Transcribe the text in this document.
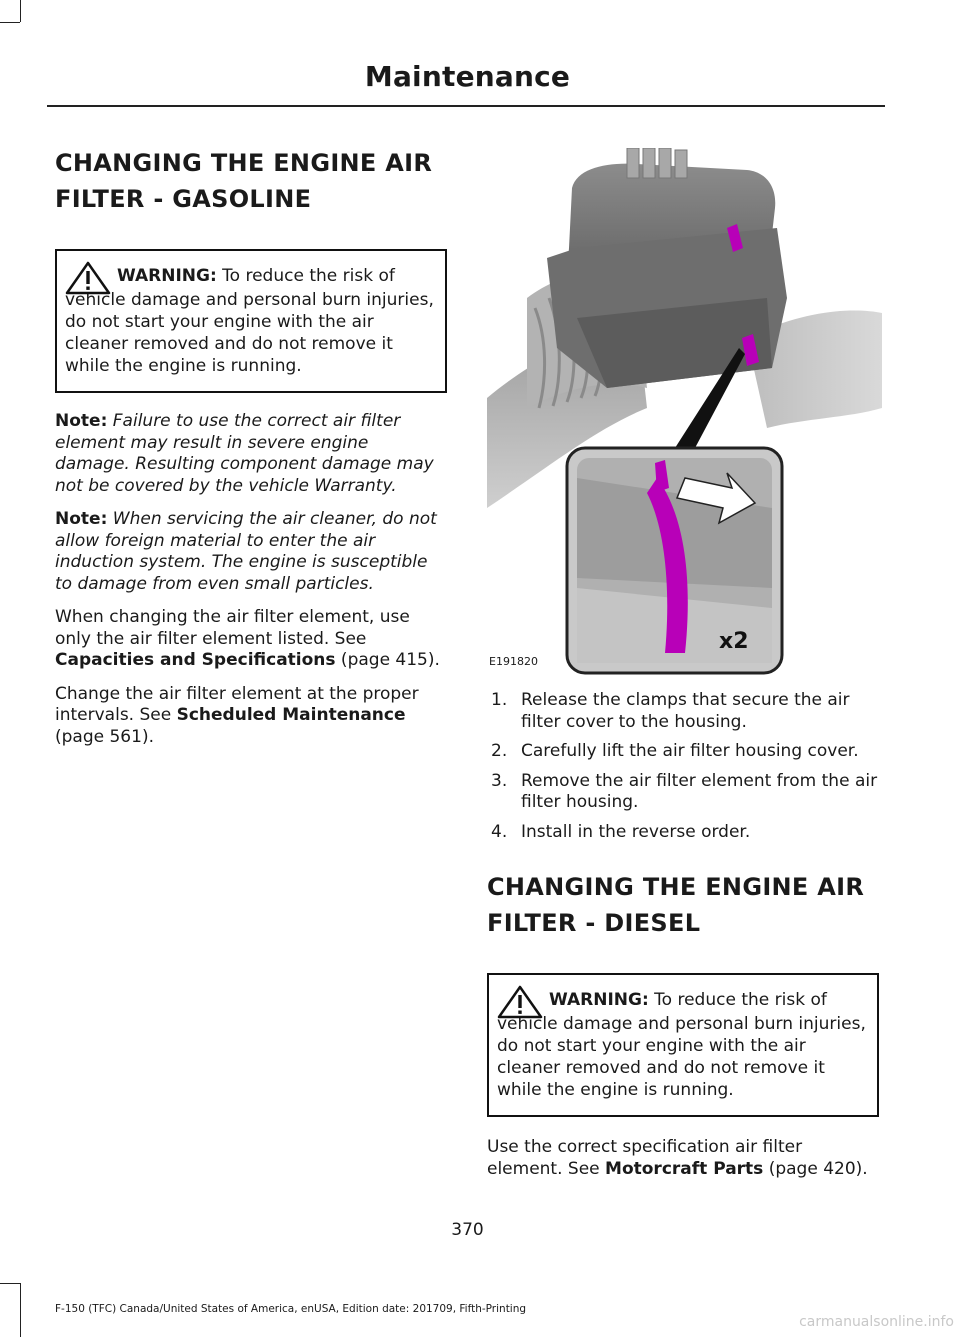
Maintenance
CHANGING THE ENGINE AIR
FILTER - GASOLINE
WARNING: To reduce the risk of
vehicle damage and personal burn injuries, do not start your engine with the air cleaner removed and do not remove it while the engine is running.

Note: Failure to use the correct air filter element may result in severe engine damage. Resulting component damage may not be covered by the vehicle Warranty.

Note: When servicing the air cleaner, do not allow foreign material to enter the air induction system. The engine is susceptible to damage from even small particles.

When changing the air filter element, use only the air filter element listed. See Capacities and Specifications (page 415).

Change the air filter element at the proper intervals. See Scheduled Maintenance (page 561).

x2
E191820
1. Release the clamps that secure the air filter cover to the housing.
2. Carefully lift the air filter housing cover.
3. Remove the air filter element from the air filter housing.
4. Install in the reverse order.
CHANGING THE ENGINE AIR
FILTER - DIESEL
WARNING: To reduce the risk of
vehicle damage and personal burn injuries, do not start your engine with the air cleaner removed and do not remove it while the engine is running.

Use the correct specification air filter element. See Motorcraft Parts (page 420).

370
F-150 (TFC) Canada/United States of America, enUSA, Edition date: 201709, Fifth-Printing
carmanualsonline.info
